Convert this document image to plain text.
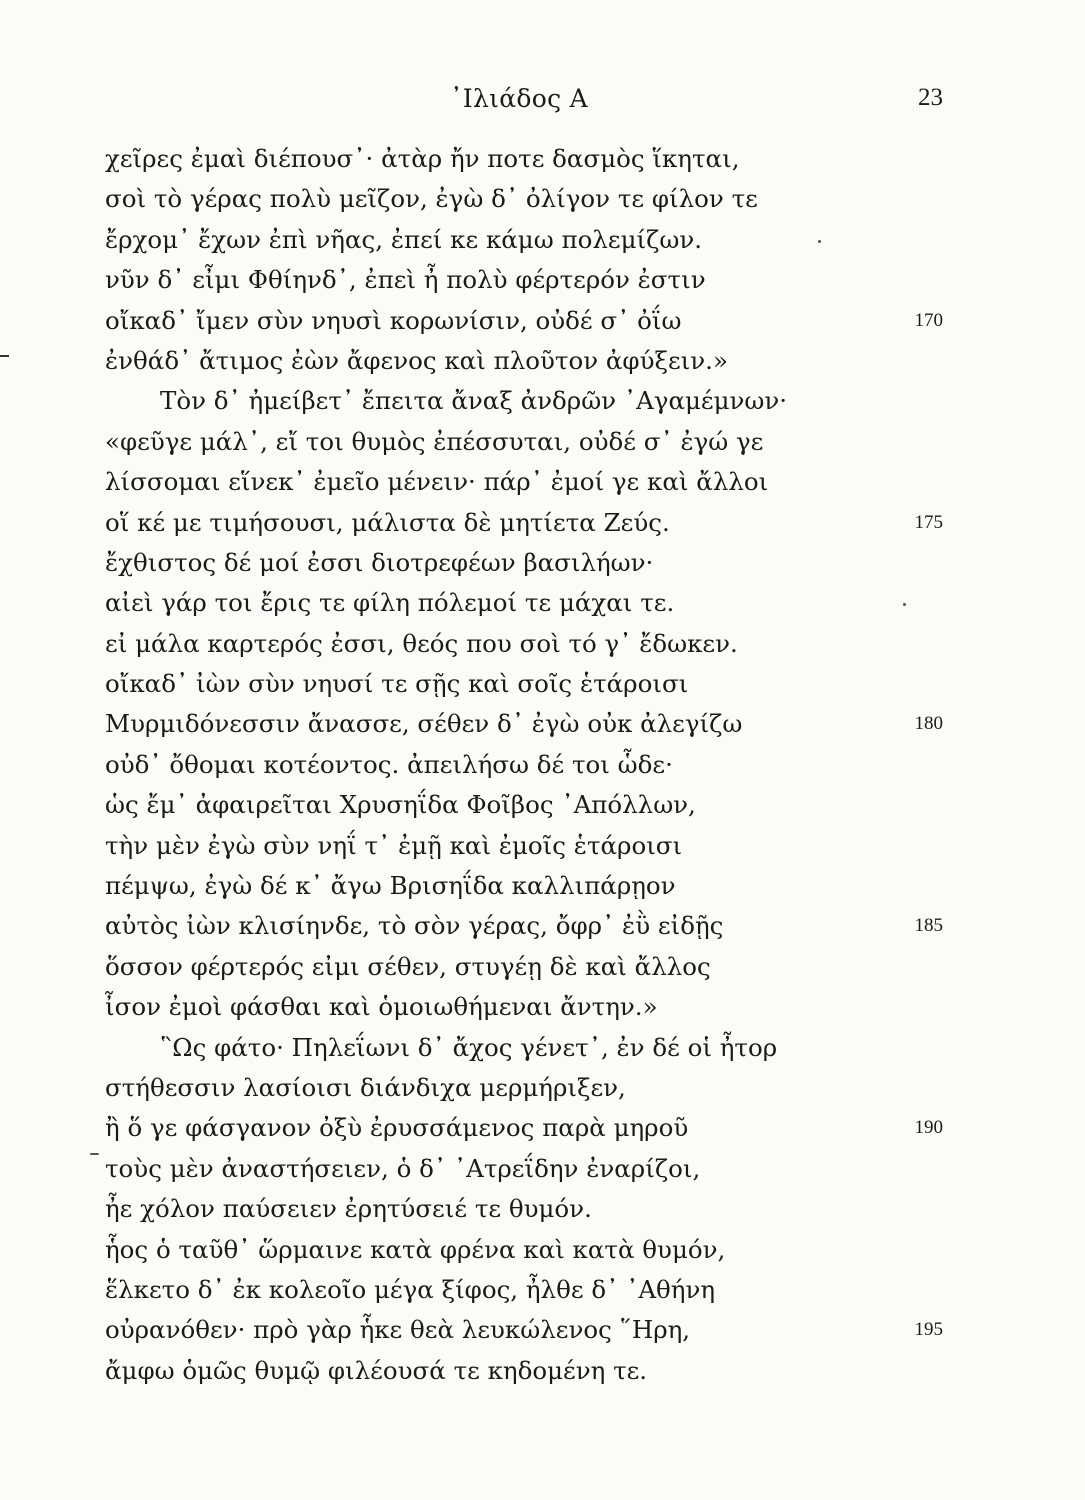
᾿Ιλιάδος Α	23
χεῖρες ἐμαὶ διέπουσ᾿· ἀτὰρ ἤν ποτε δασμὸς ἵκηται,
σοὶ τὸ γέρας πολὺ μεῖζον, ἐγὼ δ᾿ ὀλίγον τε φίλον τε
ἔρχομ᾿ ἔχων ἐπὶ νῆας, ἐπεί κε κάμω πολεμίζων.
νῦν δ᾿ εἶμι Φθίηνδ᾿, ἐπεὶ ἦ πολὺ φέρτερόν ἐστιν
οἴκαδ᾿ ἴμεν σὺν νηυσὶ κορωνίσιν, οὐδέ σ᾿ ὀΐω	170
ἐνθάδ᾿ ἄτιμος ἐὼν ἄφενος καὶ πλοῦτον ἀφύξειν.»
Τὸν δ᾿ ἠμείβετ᾿ ἔπειτα ἄναξ ἀνδρῶν ᾿Αγαμέμνων·
«φεῦγε μάλ᾿, εἴ τοι θυμὸς ἐπέσσυται, οὐδέ σ᾿ ἐγώ γε
λίσσομαι εἵνεκ᾿ ἐμεῖο μένειν· πάρ᾿ ἐμοί γε καὶ ἄλλοι
οἵ κέ με τιμήσουσι, μάλιστα δὲ μητίετα Ζεύς.	175
ἔχθιστος δέ μοί ἐσσι διοτρεφέων βασιλήων·
αἰεὶ γάρ τοι ἔρις τε φίλη πόλεμοί τε μάχαι τε.
εἰ μάλα καρτερός ἐσσι, θεός που σοὶ τό γ᾿ ἔδωκεν.
οἴκαδ᾿ ἰὼν σὺν νηυσί τε σῇς καὶ σοῖς ἑτάροισι
Μυρμιδόνεσσιν ἄνασσε, σέθεν δ᾿ ἐγὼ οὐκ ἀλεγίζω	180
οὐδ᾿ ὄθομαι κοτέοντος. ἀπειλήσω δέ τοι ὧδε·
ὡς ἔμ᾿ ἀφαιρεῖται Χρυσηΐδα Φοῖβος ᾿Απόλλων,
τὴν μὲν ἐγὼ σὺν νηΐ τ᾿ ἐμῇ καὶ ἐμοῖς ἑτάροισι
πέμψω, ἐγὼ δέ κ᾿ ἄγω Βρισηΐδα καλλιπάρῃον
αὐτὸς ἰὼν κλισίηνδε, τὸ σὸν γέρας, ὄφρ᾿ ἐῢ εἰδῇς	185
ὅσσον φέρτερός εἰμι σέθεν, στυγέῃ δὲ καὶ ἄλλος
ἶσον ἐμοὶ φάσθαι καὶ ὁμοιωθήμεναι ἄντην.»
῝Ως φάτο· Πηλεΐωνι δ᾿ ἄχος γένετ᾿, ἐν δέ οἱ ἦτορ
στήθεσσιν λασίοισι διάνδιχα μερμήριξεν,
ἢ ὅ γε φάσγανον ὀξὺ ἐρυσσάμενος παρὰ μηροῦ	190
τοὺς μὲν ἀναστήσειεν, ὁ δ᾿ ᾿Ατρεΐδην ἐναρίζοι,
ἦε χόλον παύσειεν ἐρητύσειέ τε θυμόν.
ἧος ὁ ταῦθ᾿ ὥρμαινε κατὰ φρένα καὶ κατὰ θυμόν,
ἕλκετο δ᾿ ἐκ κολεοῖο μέγα ξίφος, ἦλθε δ᾿ ᾿Αθήνη
οὐρανόθεν· πρὸ γὰρ ἧκε θεὰ λευκώλενος ῞Ηρη,	195
ἄμφω ὁμῶς θυμῷ φιλέουσά τε κηδομένη τε.
